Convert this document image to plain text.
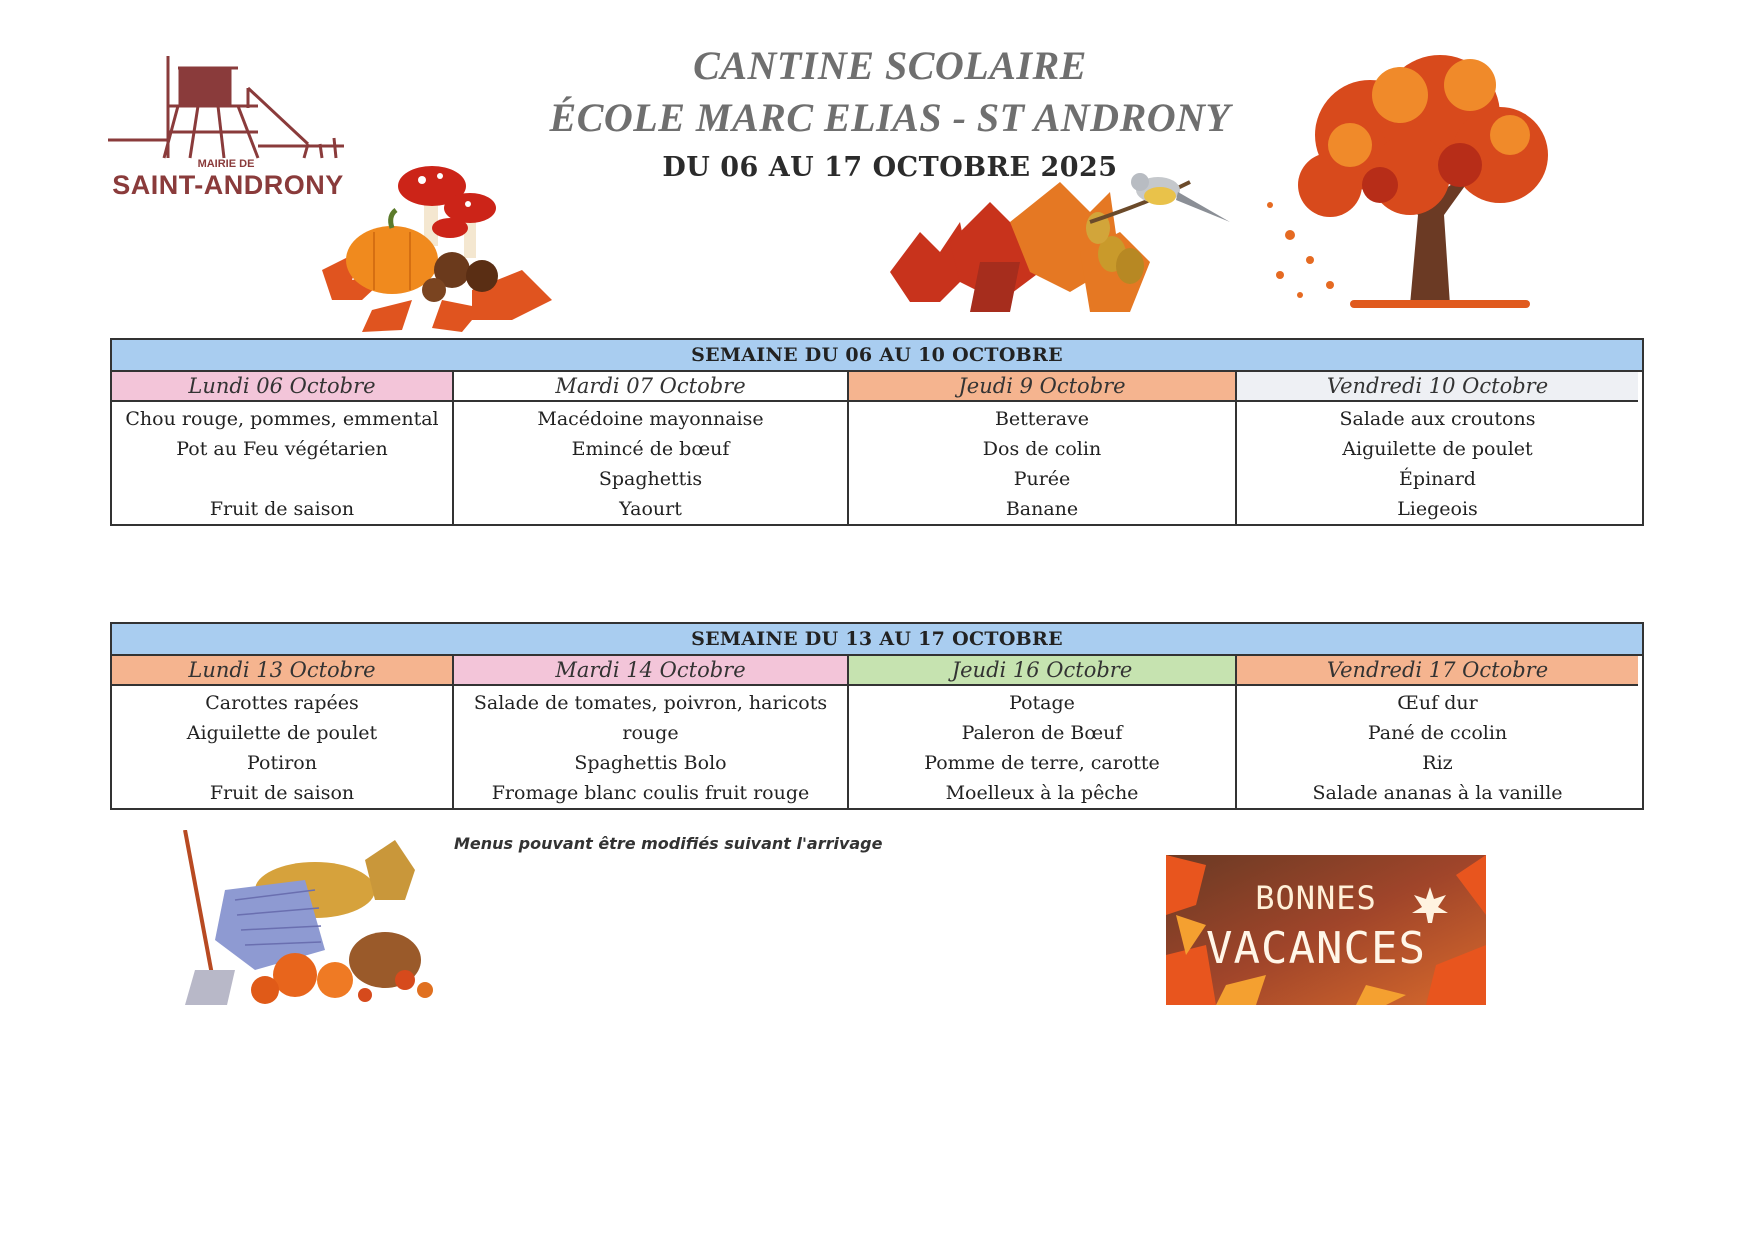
MAIRIE DE
SAINT-ANDRONY
CANTINE SCOLAIRE
ÉCOLE MARC ELIAS - ST ANDRONY
DU 06 AU 17 OCTOBRE 2025
SEMAINE DU 06 AU 10 OCTOBRE
Lundi 06 Octobre
Chou rouge, pommes, emmental
Pot au Feu végétarien
Fruit de saison
Mardi 07 Octobre
Macédoine mayonnaise
Emincé de bœuf
Spaghettis
Yaourt
Jeudi 9 Octobre
Betterave
Dos de colin
Purée
Banane
Vendredi 10 Octobre
Salade aux croutons
Aiguilette de poulet
Épinard
Liegeois
SEMAINE DU 13 AU 17 OCTOBRE
Lundi 13 Octobre
Carottes rapées
Aiguilette de poulet
Potiron
Fruit de saison
Mardi 14 Octobre
Salade de tomates, poivron, haricots rouge
Spaghettis Bolo
Fromage blanc coulis fruit rouge
Jeudi 16 Octobre
Potage
Paleron de Bœuf
Pomme de terre, carotte
Moelleux à la pêche
Vendredi 17 Octobre
Œuf dur
Pané de ccolin
Riz
Salade ananas à la vanille
Menus pouvant être modifiés suivant l'arrivage
BONNES
VACANCES
